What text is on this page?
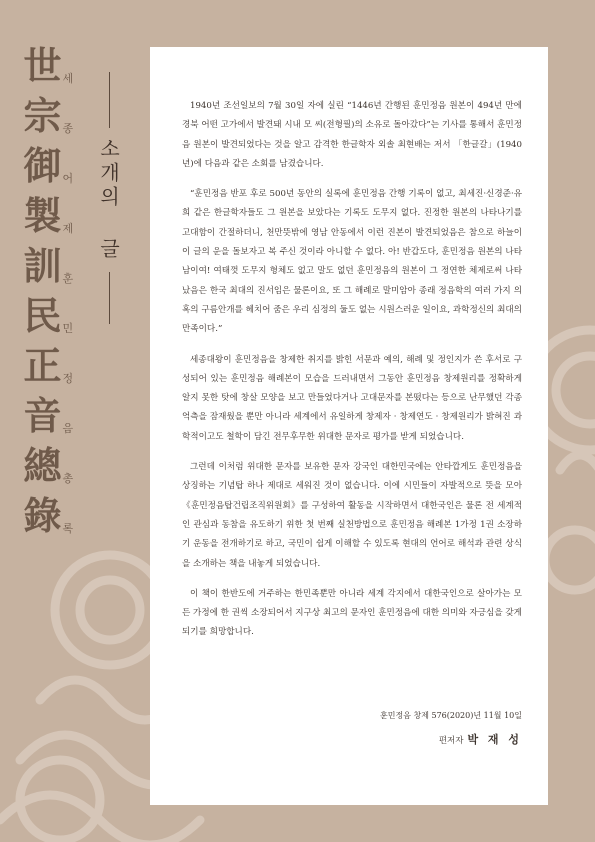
世 세
宗 종
御 어
製 제
訓 훈
民 민
正 정
音 음
總 총
錄 록
소개의 글

1940년 조선일보의 7월 30일 자에 실린 “1446년 간행된 훈민정음 원본이 494년 만에 경북 어떤 고가에서 발견돼 시내 모 씨(전형필)의 소유로 돌아갔다”는 기사를 통해서 훈민정음 원본이 발견되었다는 것을 알고 감격한 한글학자 외솔 최현배는 저서 「한글갈」(1940년)에 다음과 같은 소회를 남겼습니다.

“훈민정음 반포 후로 500년 동안의 실록에 훈민정음 간행 기록이 없고, 최세진·신경준·유희 같은 한글학자들도 그 원본을 보았다는 기록도 도무지 없다. 진정한 원본의 나타나기를 고대함이 간절하더니, 천만뜻밖에 영남 안동에서 이런 진본이 발견되었음은 참으로 하늘이 이 글의 운을 돌보자고 복 주신 것이라 아니할 수 없다. 아! 반갑도다, 훈민정음 원본의 나타남이여! 여태껏 도무지 형체도 없고 말도 없던 훈민정음의 원본이 그 정연한 체제로써 나타났음은 한국 최대의 진서임은 물론이요, 또 그 해례로 말미암아 종래 정음학의 여러 가지 의혹의 구름안개를 헤치어 줌은 우리 심정의 둘도 없는 시원스러운 일이요, 과학정신의 최대의 만족이다.”

세종대왕이 훈민정음을 창제한 취지를 밝힌 서문과 예의, 해례 및 정인지가 쓴 후서로 구성되어 있는 훈민정음 해례본이 모습을 드러내면서 그동안 훈민정음 창제원리를 정확하게 알지 못한 탓에 창살 모양을 보고 만들었다거나 고대문자를 본떴다는 등으로 난무했던 각종 억측을 잠재웠을 뿐만 아니라 세계에서 유일하게 창제자 · 창제연도 · 창제원리가 밝혀진 과학적이고도 철학이 담긴 전무후무한 위대한 문자로 평가를 받게 되었습니다.

그런데 이처럼 위대한 문자를 보유한 문자 강국인 대한민국에는 안타깝게도 훈민정음을 상징하는 기념탑 하나 제대로 세워진 것이 없습니다. 이에 시민들이 자발적으로 뜻을 모아 《훈민정음탑건립조직위원회》를 구성하여 활동을 시작하면서 대한국인은 물론 전 세계적인 관심과 동참을 유도하기 위한 첫 번째 실천방법으로 훈민정음 해례본 1가정 1권 소장하기 운동을 전개하기로 하고, 국민이 쉽게 이해할 수 있도록 현대의 언어로 해석과 관련 상식을 소개하는 책을 내놓게 되었습니다.

이 책이 한반도에 거주하는 한민족뿐만 아니라 세계 각지에서 대한국인으로 살아가는 모든 가정에 한 권씩 소장되어서 지구상 최고의 문자인 훈민정음에 대한 의미와 자긍심을 갖게 되기를 희망합니다.

훈민정음 창제 576(2020)년 11월 10일
편저자 박 재 성
